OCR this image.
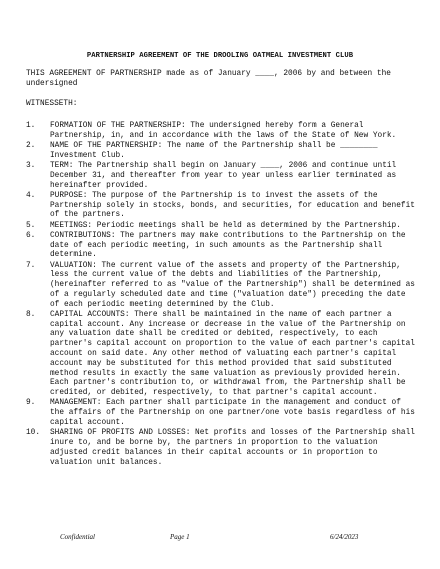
PARTNERSHIP AGREEMENT OF THE DROOLING OATMEAL INVESTMENT CLUB

THIS AGREEMENT OF PARTNERSHIP made as of January ____, 2006 by and between the undersigned

WITNESSETH:

1. FORMATION OF THE PARTNERSHIP: The undersigned hereby form a General Partnership, in, and in accordance with the laws of the State of New York.
2. NAME OF THE PARTNERSHIP: The name of the Partnership shall be ________ Investment Club.
3. TERM: The Partnership shall begin on January ____, 2006 and continue until December 31, and thereafter from year to year unless earlier terminated as hereinafter provided.
4. PURPOSE: The purpose of the Partnership is to invest the assets of the Partnership solely in stocks, bonds, and securities, for education and benefit of the partners.
5. MEETINGS: Periodic meetings shall be held as determined by the Partnership.
6. CONTRIBUTIONS: The partners may make contributions to the Partnership on the date of each periodic meeting, in such amounts as the Partnership shall determine.
7. VALUATION: The current value of the assets and property of the Partnership, less the current value of the debts and liabilities of the Partnership, (hereinafter referred to as "value of the Partnership") shall be determined as of a regularly scheduled date and time ("valuation date") preceding the date of each periodic meeting determined by the Club.
8. CAPITAL ACCOUNTS: There shall be maintained in the name of each partner a capital account. Any increase or decrease in the value of the Partnership on any valuation date shall be credited or debited, respectively, to each partner's capital account on proportion to the value of each partner's capital account on said date. Any other method of valuating each partner's capital account may be substituted for this method provided that said substituted method results in exactly the same valuation as previously provided herein. Each partner's contribution to, or withdrawal from, the Partnership shall be credited, or debited, respectively, to that partner's capital account.
9. MANAGEMENT: Each partner shall participate in the management and conduct of the affairs of the Partnership on one partner/one vote basis regardless of his capital account.
10. SHARING OF PROFITS AND LOSSES: Net profits and losses of the Partnership shall inure to, and be borne by, the partners in proportion to the valuation adjusted credit balances in their capital accounts or in proportion to valuation unit balances.
Confidential	Page 1	6/24/2023
